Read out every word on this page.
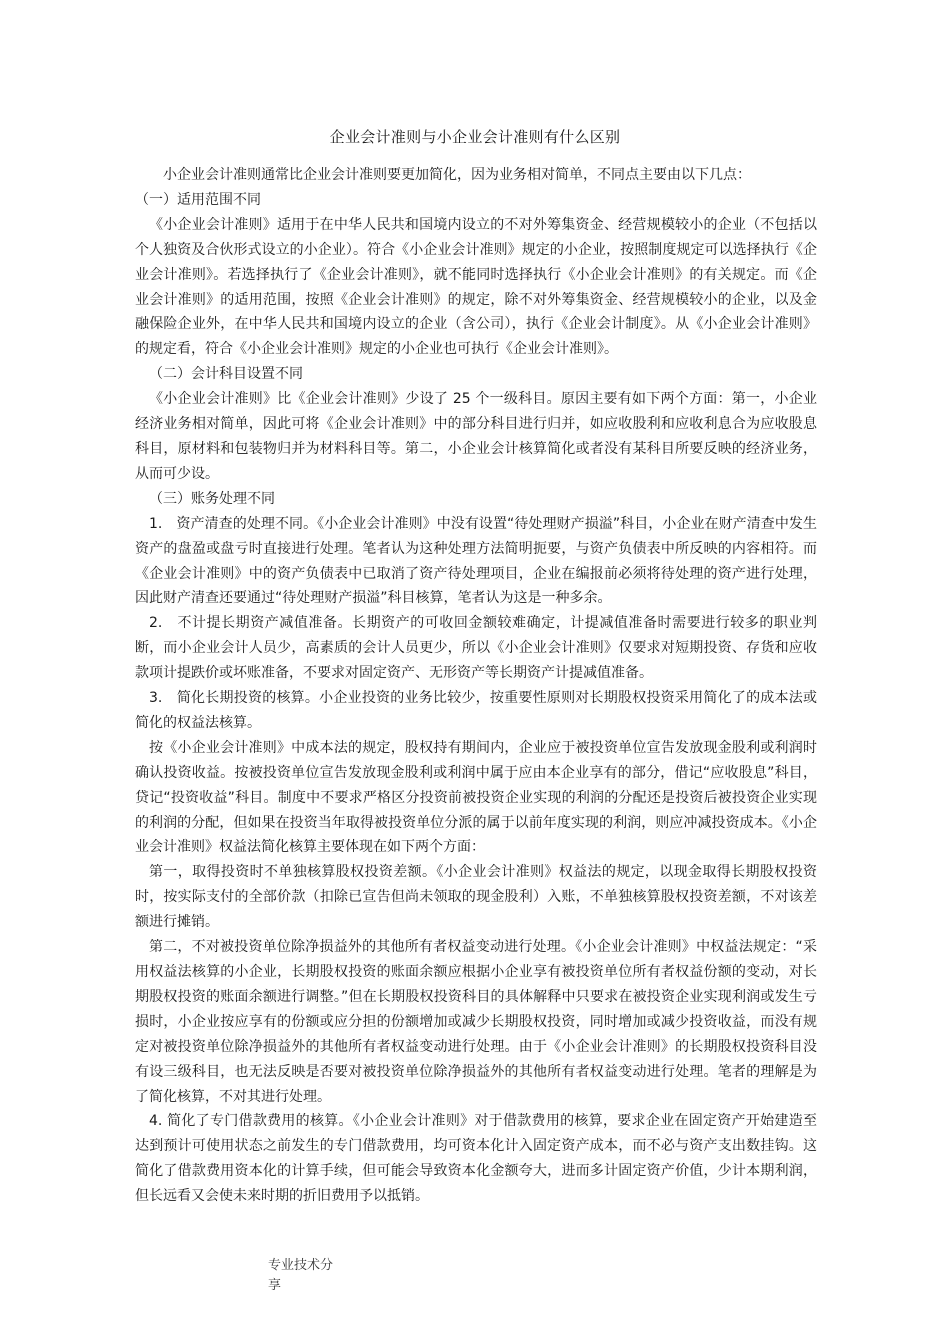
企业会计准则与小企业会计准则有什么区别

小企业会计准则通常比企业会计准则要更加简化，因为业务相对简单，不同点主要由以下几点：

（一）适用范围不同

《小企业会计准则》适用于在中华人民共和国境内设立的不对外筹集资金、经营规模较小的企业（不包括以个人独资及合伙形式设立的小企业）。符合《小企业会计准则》规定的小企业，按照制度规定可以选择执行《企业会计准则》。若选择执行了《企业会计准则》，就不能同时选择执行《小企业会计准则》的有关规定。而《企业会计准则》的适用范围，按照《企业会计准则》的规定，除不对外筹集资金、经营规模较小的企业，以及金融保险企业外，在中华人民共和国境内设立的企业（含公司），执行《企业会计制度》。从《小企业会计准则》的规定看，符合《小企业会计准则》规定的小企业也可执行《企业会计准则》。

（二）会计科目设置不同

《小企业会计准则》比《企业会计准则》少设了 25 个一级科目。原因主要有如下两个方面：第一，小企业经济业务相对简单，因此可将《企业会计准则》中的部分科目进行归并，如应收股利和应收利息合为应收股息科目，原材料和包装物归并为材料科目等。第二，小企业会计核算简化或者没有某科目所要反映的经济业务，从而可少设。

（三）账务处理不同

1.　资产清查的处理不同。《小企业会计准则》中没有设置“待处理财产损溢”科目，小企业在财产清查中发生资产的盘盈或盘亏时直接进行处理。笔者认为这种处理方法简明扼要，与资产负债表中所反映的内容相符。而《企业会计准则》中的资产负债表中已取消了资产待处理项目，企业在编报前必须将待处理的资产进行处理，因此财产清查还要通过“待处理财产损溢”科目核算，笔者认为这是一种多余。

2.　不计提长期资产减值准备。长期资产的可收回金额较难确定，计提减值准备时需要进行较多的职业判断，而小企业会计人员少，高素质的会计人员更少，所以《小企业会计准则》仅要求对短期投资、存货和应收款项计提跌价或坏账准备，不要求对固定资产、无形资产等长期资产计提减值准备。

3.　简化长期投资的核算。小企业投资的业务比较少，按重要性原则对长期股权投资采用简化了的成本法或简化的权益法核算。

按《小企业会计准则》中成本法的规定，股权持有期间内，企业应于被投资单位宣告发放现金股利或利润时确认投资收益。按被投资单位宣告发放现金股利或利润中属于应由本企业享有的部分，借记“应收股息”科目，贷记“投资收益”科目。制度中不要求严格区分投资前被投资企业实现的利润的分配还是投资后被投资企业实现的利润的分配，但如果在投资当年取得被投资单位分派的属于以前年度实现的利润，则应冲减投资成本。《小企业会计准则》权益法简化核算主要体现在如下两个方面：

第一，取得投资时不单独核算股权投资差额。《小企业会计准则》权益法的规定，以现金取得长期股权投资时，按实际支付的全部价款（扣除已宣告但尚未领取的现金股利）入账，不单独核算股权投资差额，不对该差额进行摊销。

第二，不对被投资单位除净损益外的其他所有者权益变动进行处理。《小企业会计准则》中权益法规定：“采用权益法核算的小企业，长期股权投资的账面余额应根据小企业享有被投资单位所有者权益份额的变动，对长期股权投资的账面余额进行调整。”但在长期股权投资科目的具体解释中只要求在被投资企业实现利润或发生亏损时，小企业按应享有的份额或应分担的份额增加或减少长期股权投资，同时增加或减少投资收益，而没有规定对被投资单位除净损益外的其他所有者权益变动进行处理。由于《小企业会计准则》的长期股权投资科目没有设三级科目，也无法反映是否要对被投资单位除净损益外的其他所有者权益变动进行处理。笔者的理解是为了简化核算，不对其进行处理。

4. 简化了专门借款费用的核算。《小企业会计准则》对于借款费用的核算，要求企业在固定资产开始建造至达到预计可使用状态之前发生的专门借款费用，均可资本化计入固定资产成本，而不必与资产支出数挂钩。这简化了借款费用资本化的计算手续，但可能会导致资本化金额夸大，进而多计固定资产价值，少计本期利润，但长远看又会使未来时期的折旧费用予以抵销。

专业技术分享
